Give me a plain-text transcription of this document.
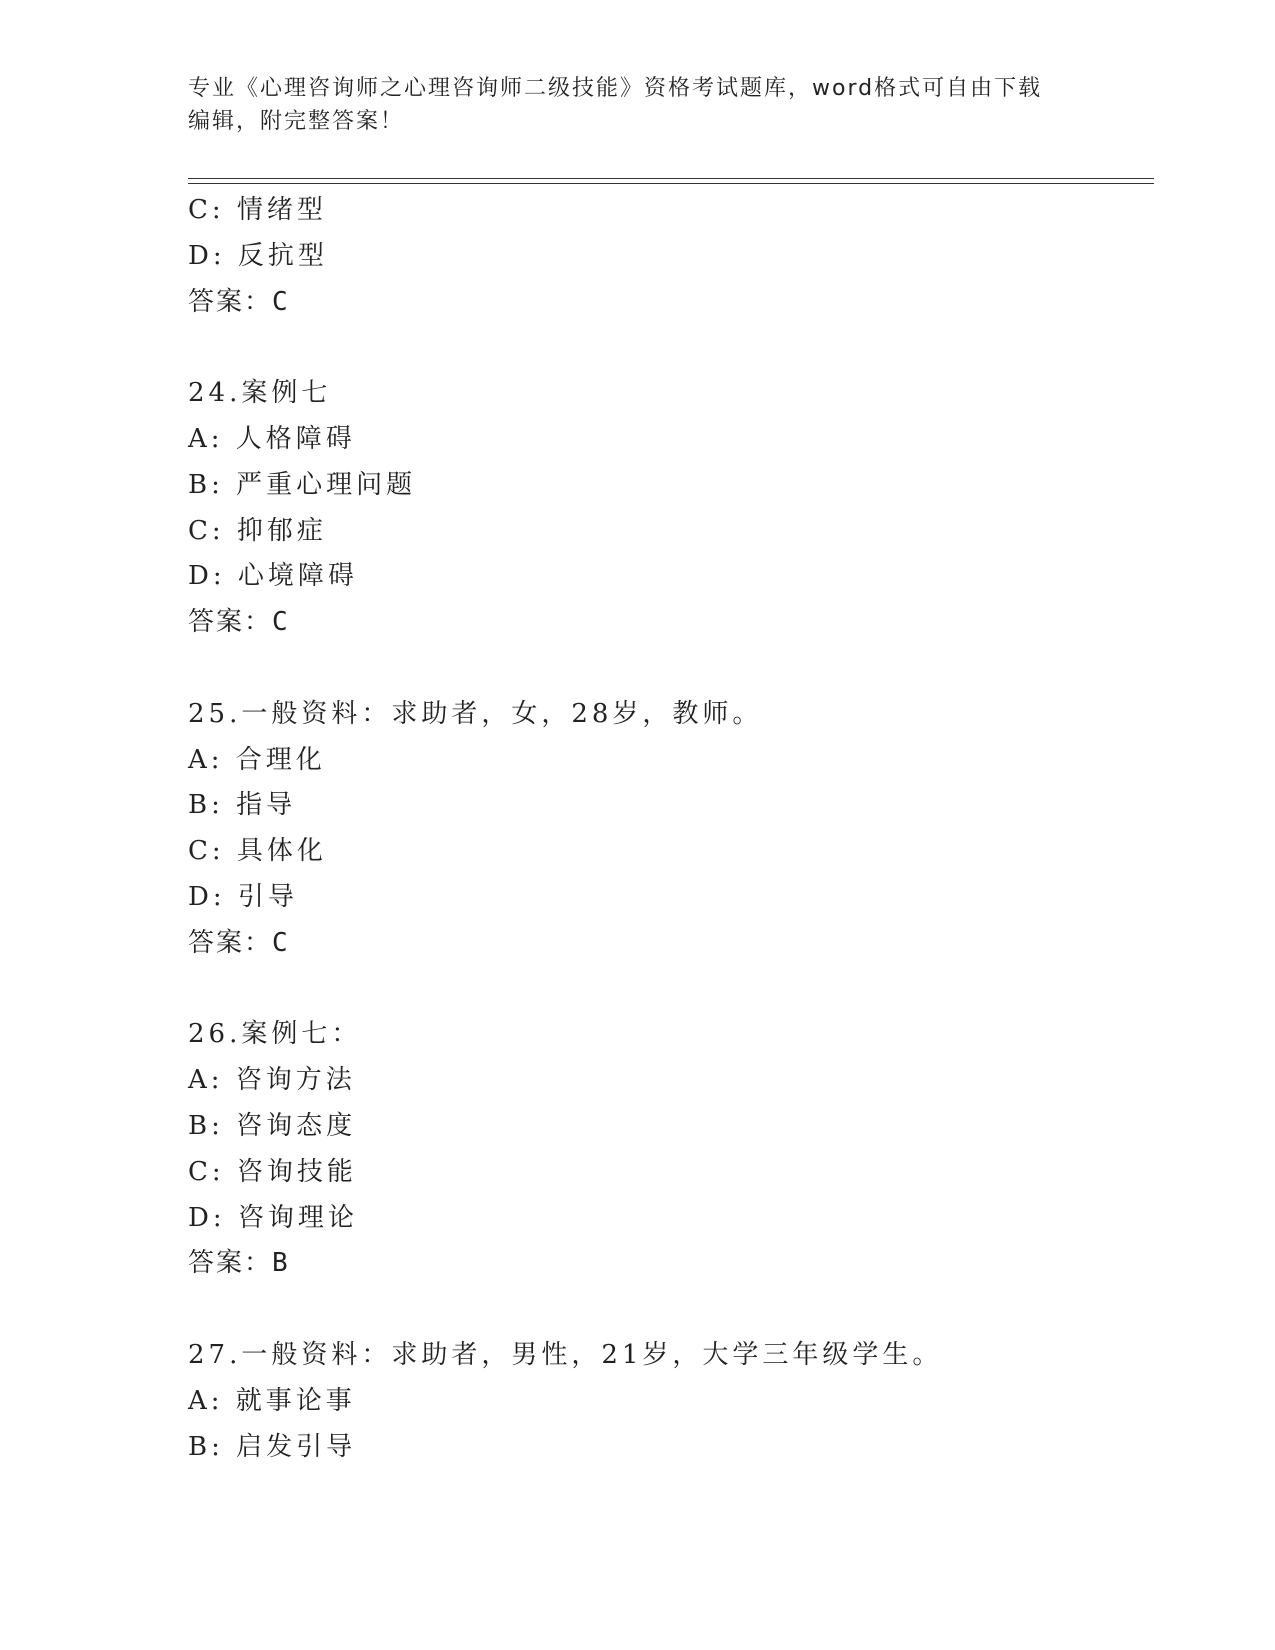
专业《心理咨询师之心理咨询师二级技能》资格考试题库，word格式可自由下载
编辑，附完整答案！
C: 情绪型
D: 反抗型
答案：C
24.案例七
A: 人格障碍
B: 严重心理问题
C: 抑郁症
D: 心境障碍
答案：C
25.一般资料：求助者，女，28岁，教师。
A: 合理化
B: 指导
C: 具体化
D: 引导
答案：C
26.案例七：
A: 咨询方法
B: 咨询态度
C: 咨询技能
D: 咨询理论
答案：B
27.一般资料：求助者，男性，21岁，大学三年级学生。
A: 就事论事
B: 启发引导
